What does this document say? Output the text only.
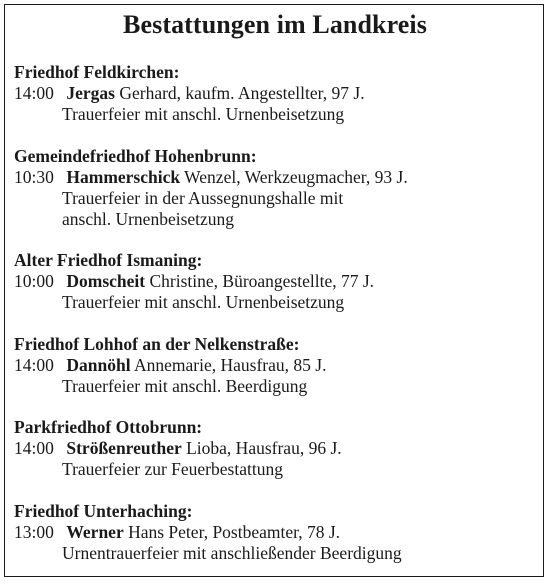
Bestattungen im Landkreis
Friedhof Feldkirchen:
14:00 Jergas Gerhard, kaufm. Angestellter, 97 J.
Trauerfeier mit anschl. Urnenbeisetzung
Gemeindefriedhof Hohenbrunn:
10:30 Hammerschick Wenzel, Werkzeugmacher, 93 J.
Trauerfeier in der Aussegnungshalle mit
anschl. Urnenbeisetzung
Alter Friedhof Ismaning:
10:00 Domscheit Christine, Büroangestellte, 77 J.
Trauerfeier mit anschl. Urnenbeisetzung
Friedhof Lohhof an der Nelkenstraße:
14:00 Dannöhl Annemarie, Hausfrau, 85 J.
Trauerfeier mit anschl. Beerdigung
Parkfriedhof Ottobrunn:
14:00 Strößenreuther Lioba, Hausfrau, 96 J.
Trauerfeier zur Feuerbestattung
Friedhof Unterhaching:
13:00 Werner Hans Peter, Postbeamter, 78 J.
Urnentrauerfeier mit anschließender Beerdigung
